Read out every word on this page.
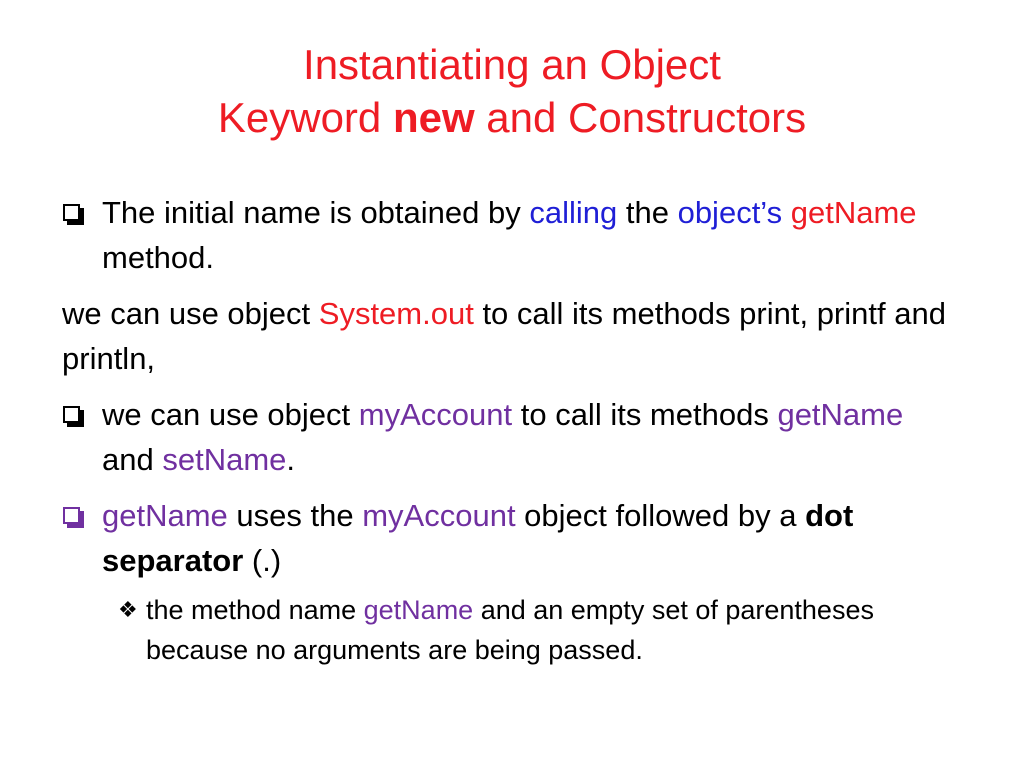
Instantiating an Object
Keyword new and Constructors
The initial name is obtained by calling the object’s getName method.
we can use object System.out to call its methods print, printf and println,
we can use object myAccount to call its methods getName and setName.
getName uses the myAccount object followed by a dot separator (.)
❖ the method name getName and an empty set of parentheses because no arguments are being passed.
